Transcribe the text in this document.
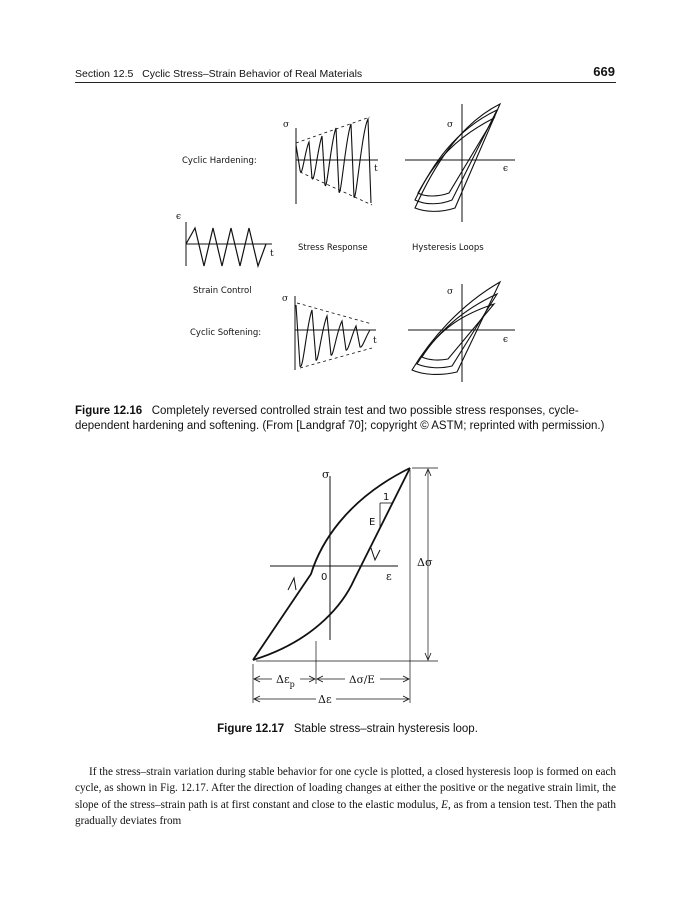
Section 12.5 Cyclic Stress–Strain Behavior of Real Materials	669
Cyclic Hardening:
Strain Control
Cyclic Softening:
Stress Response	Hysteresis Loops
ϵ
t
σ
t
σ
t
σ
ϵ
σ
ϵ
Figure 12.16 Completely reversed controlled strain test and two possible stress responses, cycle-dependent hardening and softening. (From [Landgraf 70]; copyright © ASTM; reprinted with permission.)
σ
ε
0
1
E
Δσ
$\Delta\varepsilon_p$	Δσ/E
Δε
Figure 12.17 Stable stress–strain hysteresis loop.
If the stress–strain variation during stable behavior for one cycle is plotted, a closed hysteresis loop is formed on each cycle, as shown in Fig. 12.17. After the direction of loading changes at either the positive or the negative strain limit, the slope of the stress–strain path is at first constant and close to the elastic modulus, E, as from a tension test. Then the path gradually deviates from
